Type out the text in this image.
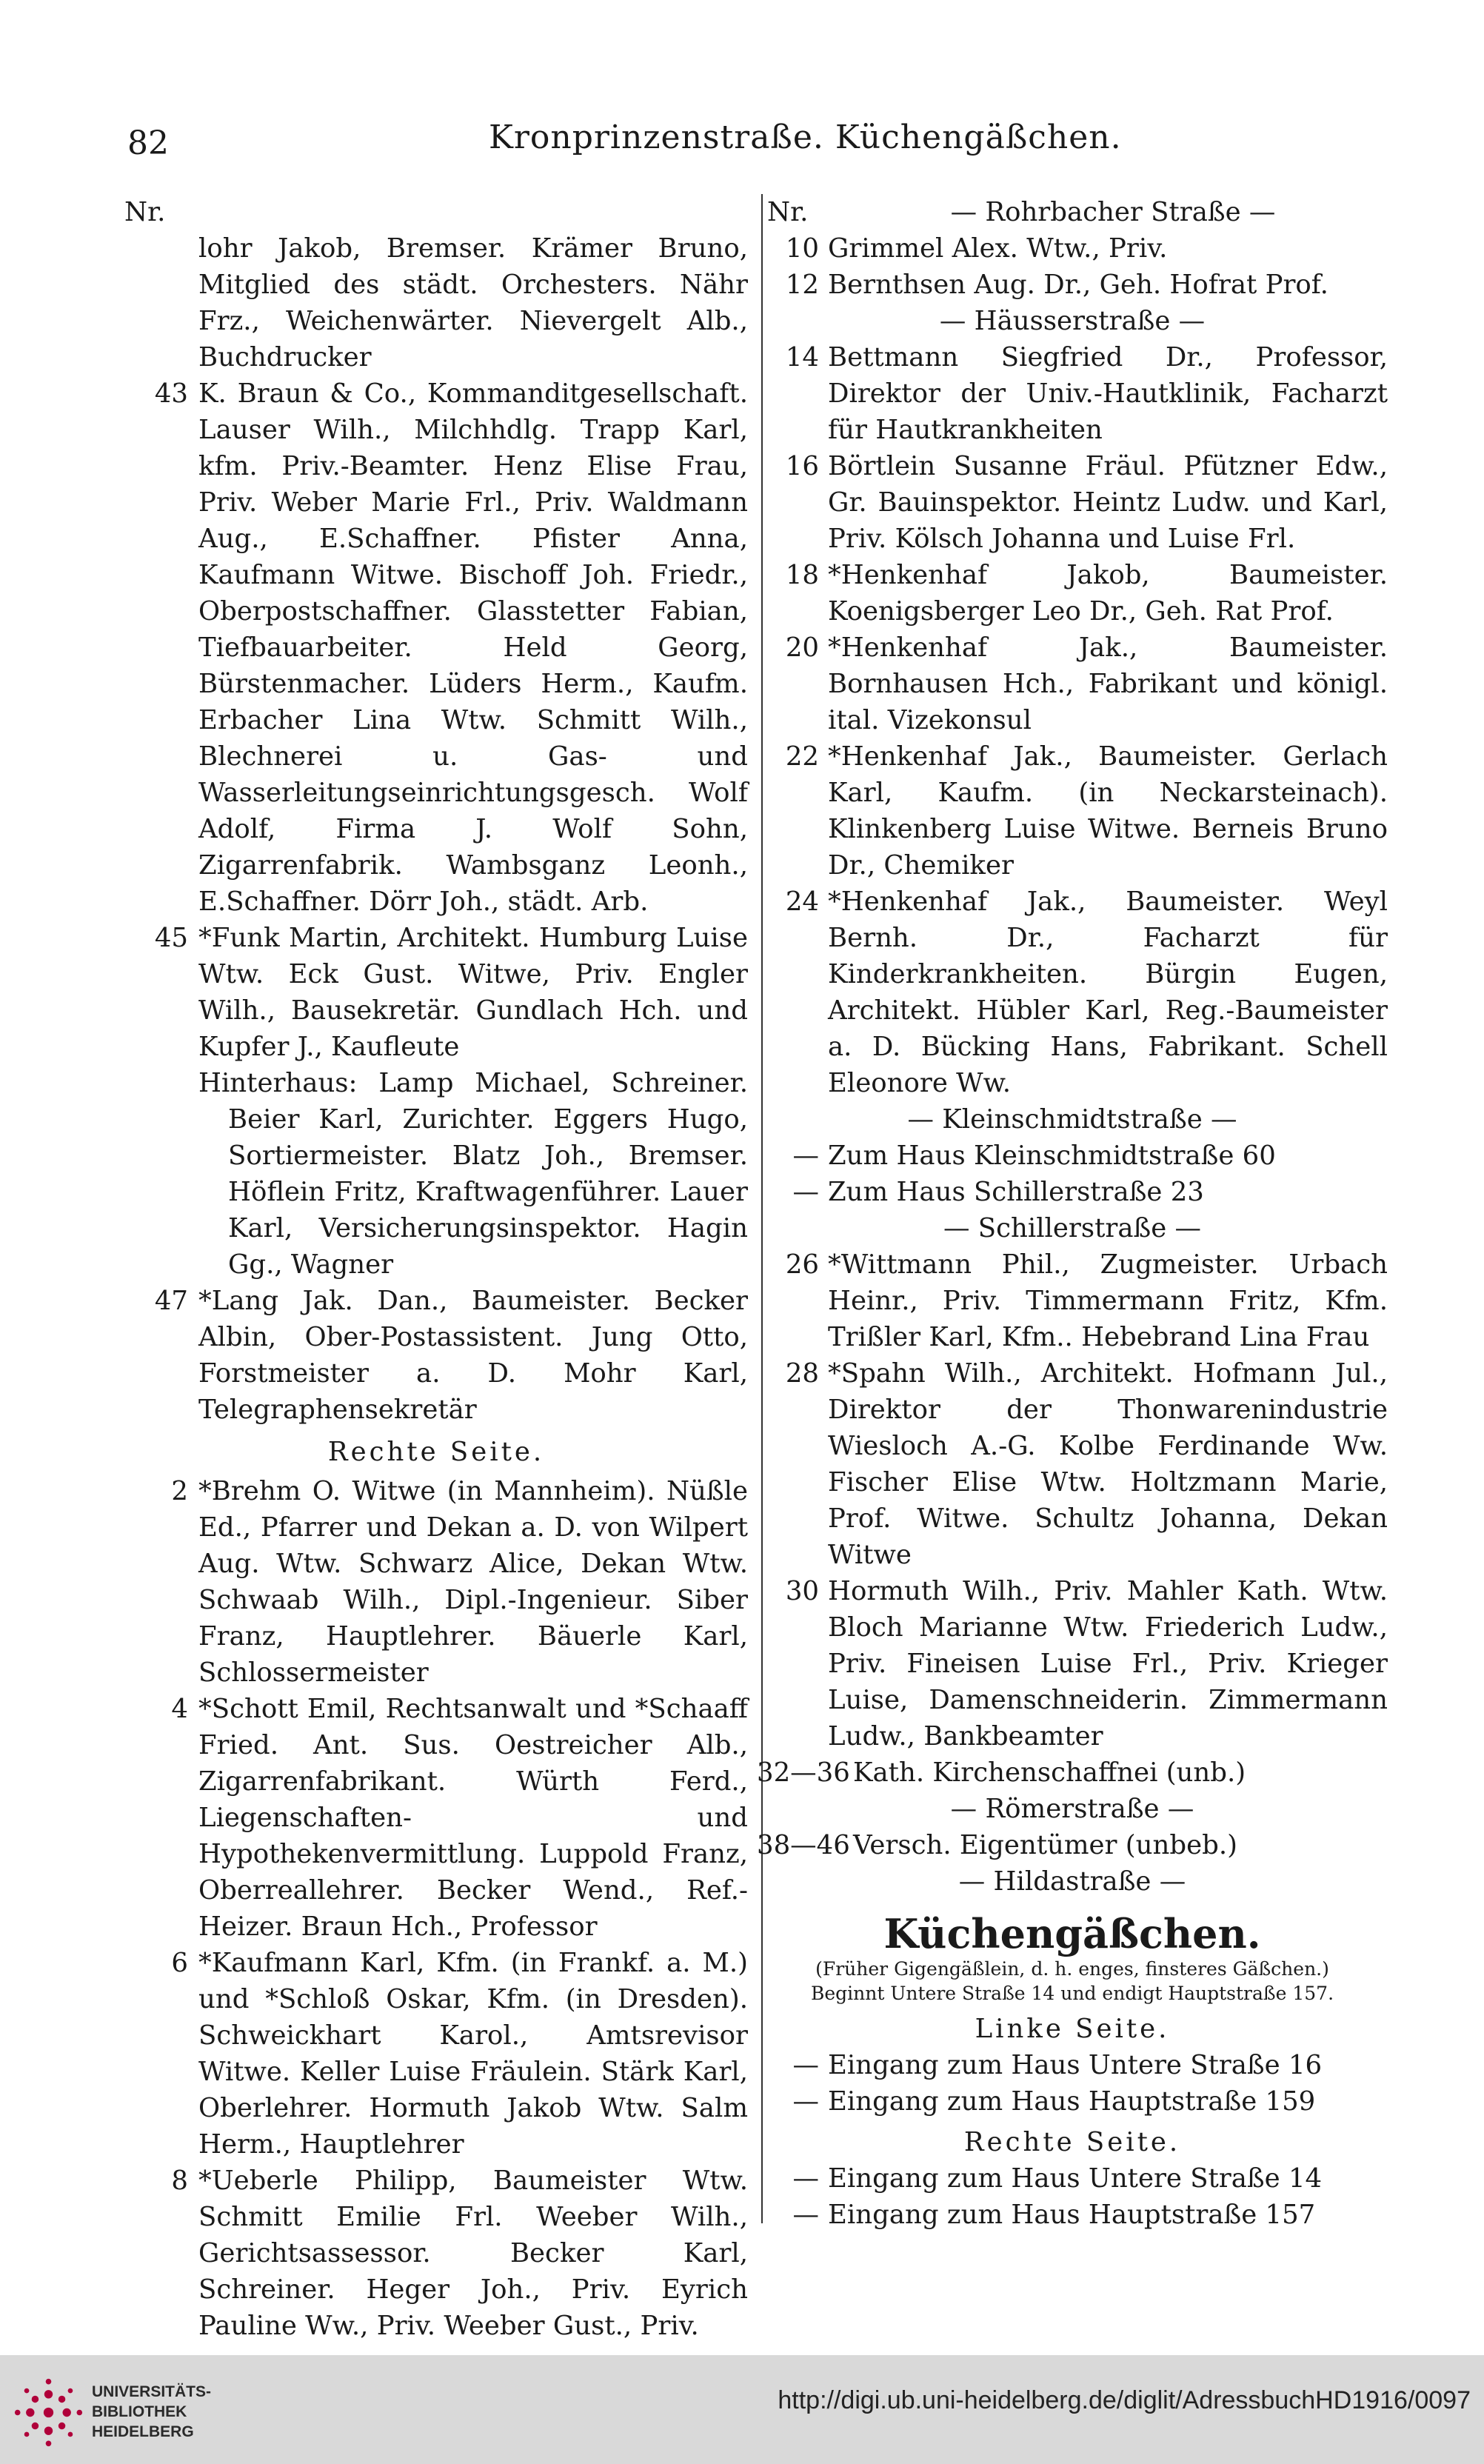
82	Kronprinzenstraße. Küchengäßchen.
Nr.
lohr Jakob, Bremser. Krämer Bruno, Mitglied des städt. Orchesters. Nähr Frz., Weichenwärter. Nievergelt Alb., Buchdrucker
43 K. Braun & Co., Kommanditgesellschaft. Lauser Wilh., Milchhdlg. Trapp Karl, kfm. Priv.-Beamter. Henz Elise Frau, Priv. Weber Marie Frl., Priv. Waldmann Aug., E.Schaffner. Pfister Anna, Kaufmann Witwe. Bischoff Joh. Friedr., Oberpostschaffner. Glasstetter Fabian, Tiefbauarbeiter. Held Georg, Bürstenmacher. Lüders Herm., Kaufm. Erbacher Lina Wtw. Schmitt Wilh., Blechnerei u. Gas- und Wasserleitungseinrichtungsgesch. Wolf Adolf, Firma J. Wolf Sohn, Zigarrenfabrik. Wambsganz Leonh., E.Schaffner. Dörr Joh., städt. Arb.
45 *Funk Martin, Architekt. Humburg Luise Wtw. Eck Gust. Witwe, Priv. Engler Wilh., Bausekretär. Gundlach Hch. und Kupfer J., Kaufleute
Hinterhaus: Lamp Michael, Schreiner. Beier Karl, Zurichter. Eggers Hugo, Sortiermeister. Blatz Joh., Bremser. Höflein Fritz, Kraftwagenführer. Lauer Karl, Versicherungsinspektor. Hagin Gg., Wagner
47 *Lang Jak. Dan., Baumeister. Becker Albin, Ober-Postassistent. Jung Otto, Forstmeister a. D. Mohr Karl, Telegraphensekretär
Rechte Seite.
2 *Brehm O. Witwe (in Mannheim). Nüßle Ed., Pfarrer und Dekan a. D. von Wilpert Aug. Wtw. Schwarz Alice, Dekan Wtw. Schwaab Wilh., Dipl.-Ingenieur. Siber Franz, Hauptlehrer. Bäuerle Karl, Schlossermeister
4 *Schott Emil, Rechtsanwalt und *Schaaff Fried. Ant. Sus. Oestreicher Alb., Zigarrenfabrikant. Würth Ferd., Liegenschaften- und Hypothekenvermittlung. Luppold Franz, Oberreallehrer. Becker Wend., Ref.-Heizer. Braun Hch., Professor
6 *Kaufmann Karl, Kfm. (in Frankf. a. M.) und *Schloß Oskar, Kfm. (in Dresden). Schweickhart Karol., Amtsrevisor Witwe. Keller Luise Fräulein. Stärk Karl, Oberlehrer. Hormuth Jakob Wtw. Salm Herm., Hauptlehrer
8 *Ueberle Philipp, Baumeister Wtw. Schmitt Emilie Frl. Weeber Wilh., Gerichtsassessor. Becker Karl, Schreiner. Heger Joh., Priv. Eyrich Pauline Ww., Priv. Weeber Gust., Priv.
Nr.	— Rohrbacher Straße —
10 Grimmel Alex. Wtw., Priv.
12 Bernthsen Aug. Dr., Geh. Hofrat Prof.
— Häusserstraße —
14 Bettmann Siegfried Dr., Professor, Direktor der Univ.-Hautklinik, Facharzt für Hautkrankheiten
16 Börtlein Susanne Fräul. Pfützner Edw., Gr. Bauinspektor. Heintz Ludw. und Karl, Priv. Kölsch Johanna und Luise Frl.
18 *Henkenhaf Jakob, Baumeister. Koenigsberger Leo Dr., Geh. Rat Prof.
20 *Henkenhaf Jak., Baumeister. Bornhausen Hch., Fabrikant und königl. ital. Vizekonsul
22 *Henkenhaf Jak., Baumeister. Gerlach Karl, Kaufm. (in Neckarsteinach). Klinkenberg Luise Witwe. Berneis Bruno Dr., Chemiker
24 *Henkenhaf Jak., Baumeister. Weyl Bernh. Dr., Facharzt für Kinderkrankheiten. Bürgin Eugen, Architekt. Hübler Karl, Reg.-Baumeister a. D. Bücking Hans, Fabrikant. Schell Eleonore Ww.
— Kleinschmidtstraße —
— Zum Haus Kleinschmidtstraße 60
— Zum Haus Schillerstraße 23
— Schillerstraße —
26 *Wittmann Phil., Zugmeister. Urbach Heinr., Priv. Timmermann Fritz, Kfm. Trißler Karl, Kfm.. Hebebrand Lina Frau
28 *Spahn Wilh., Architekt. Hofmann Jul., Direktor der Thonwarenindustrie Wiesloch A.-G. Kolbe Ferdinande Ww. Fischer Elise Wtw. Holtzmann Marie, Prof. Witwe. Schultz Johanna, Dekan Witwe
30 Hormuth Wilh., Priv. Mahler Kath. Wtw. Bloch Marianne Wtw. Friederich Ludw., Priv. Fineisen Luise Frl., Priv. Krieger Luise, Damenschneiderin. Zimmermann Ludw., Bankbeamter
32—36 Kath. Kirchenschaffnei (unb.)
— Römerstraße —
38—46 Versch. Eigentümer (unbeb.)
— Hildastraße —
Küchengäßchen.
(Früher Gigengäßlein, d. h. enges, finsteres Gäßchen.)
Beginnt Untere Straße 14 und endigt Hauptstraße 157.
Linke Seite.
— Eingang zum Haus Untere Straße 16
— Eingang zum Haus Hauptstraße 159
Rechte Seite.
— Eingang zum Haus Untere Straße 14
— Eingang zum Haus Hauptstraße 157
UNIVERSITÄTS-
BIBLIOTHEK
HEIDELBERG
http://digi.ub.uni-heidelberg.de/diglit/AdressbuchHD1916/0097
